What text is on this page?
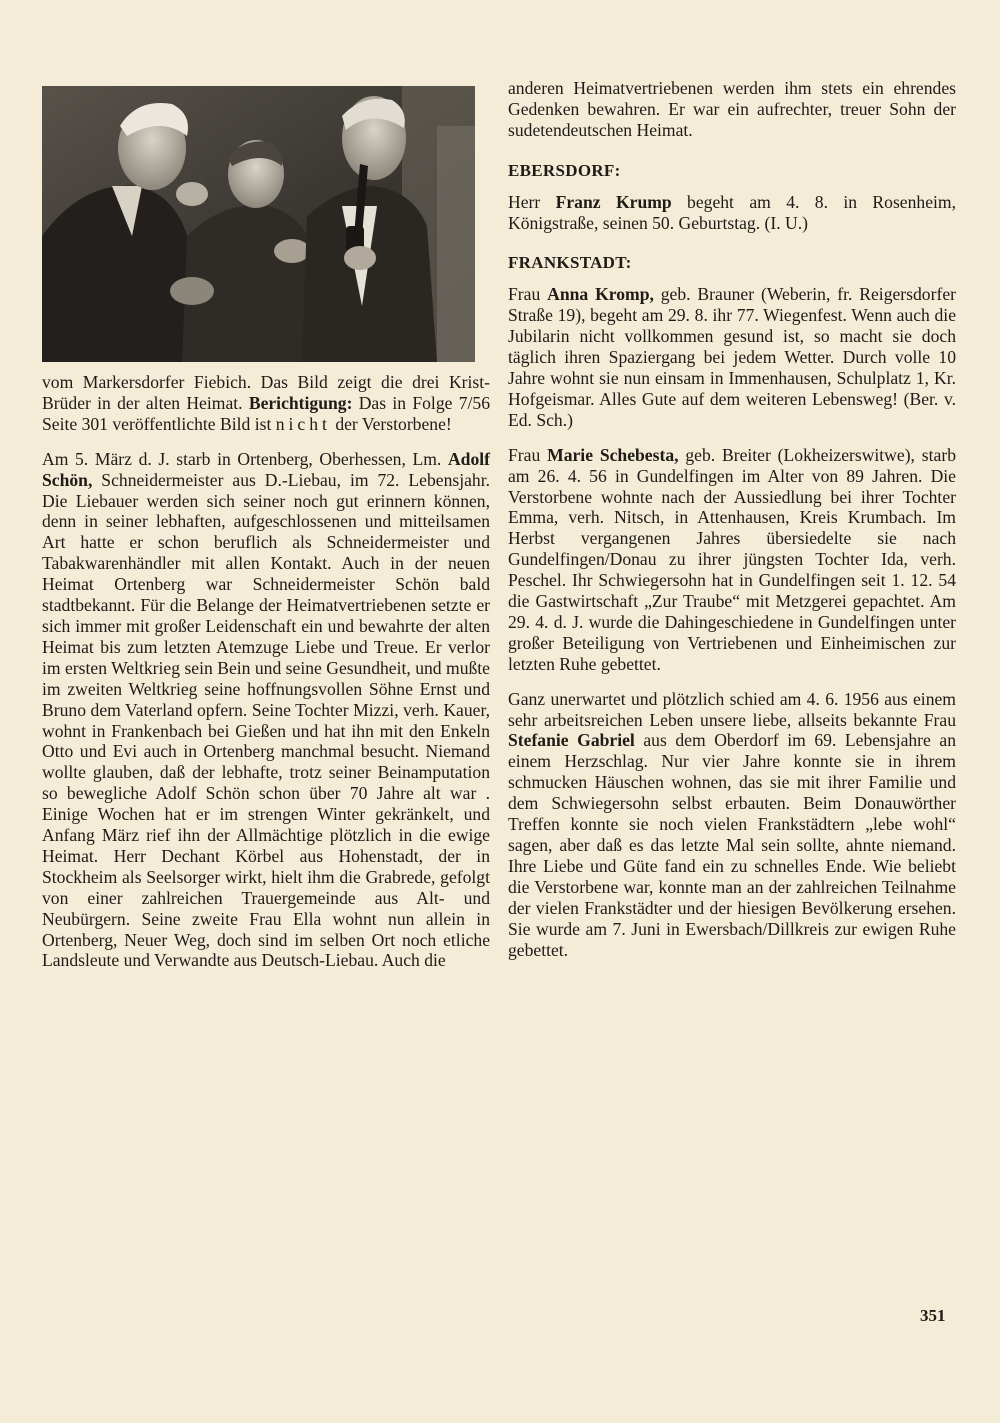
vom Markersdorfer Fiebich. Das Bild zeigt die drei Krist-Brüder in der alten Heimat. Berichtigung: Das in Folge 7/56 Seite 301 veröffentlichte Bild ist nicht der Verstorbene!

Am 5. März d. J. starb in Ortenberg, Oberhessen, Lm. Adolf Schön, Schneidermeister aus D.-Liebau, im 72. Lebensjahr. Die Liebauer werden sich seiner noch gut erinnern können, denn in seiner lebhaften, aufgeschlossenen und mitteilsamen Art hatte er schon beruflich als Schneidermeister und Tabakwarenhändler mit allen Kontakt. Auch in der neuen Heimat Ortenberg war Schneidermeister Schön bald stadtbekannt. Für die Belange der Heimatvertriebenen setzte er sich immer mit großer Leidenschaft ein und bewahrte der alten Heimat bis zum letzten Atemzuge Liebe und Treue. Er verlor im ersten Weltkrieg sein Bein und seine Gesundheit, und mußte im zweiten Weltkrieg seine hoffnungsvollen Söhne Ernst und Bruno dem Vaterland opfern. Seine Tochter Mizzi, verh. Kauer, wohnt in Frankenbach bei Gießen und hat ihn mit den Enkeln Otto und Evi auch in Ortenberg manchmal besucht. Niemand wollte glauben, daß der lebhafte, trotz seiner Beinamputation so bewegliche Adolf Schön schon über 70 Jahre alt war . Einige Wochen hat er im strengen Winter gekränkelt, und Anfang März rief ihn der Allmächtige plötzlich in die ewige Heimat. Herr Dechant Körbel aus Hohenstadt, der in Stockheim als Seelsorger wirkt, hielt ihm die Grabrede, gefolgt von einer zahlreichen Trauergemeinde aus Alt- und Neubürgern. Seine zweite Frau Ella wohnt nun allein in Ortenberg, Neuer Weg, doch sind im selben Ort noch etliche Landsleute und Verwandte aus Deutsch-Liebau. Auch die

anderen Heimatvertriebenen werden ihm stets ein ehrendes Gedenken bewahren. Er war ein aufrechter, treuer Sohn der sudetendeutschen Heimat.

EBERSDORF:

Herr Franz Krump begeht am 4. 8. in Rosenheim, Königstraße, seinen 50. Geburtstag. (I. U.)

FRANKSTADT:

Frau Anna Kromp, geb. Brauner (Weberin, fr. Reigersdorfer Straße 19), begeht am 29. 8. ihr 77. Wiegenfest. Wenn auch die Jubilarin nicht vollkommen gesund ist, so macht sie doch täglich ihren Spaziergang bei jedem Wetter. Durch volle 10 Jahre wohnt sie nun einsam in Immenhausen, Schulplatz 1, Kr. Hofgeismar. Alles Gute auf dem weiteren Lebensweg! (Ber. v. Ed. Sch.)

Frau Marie Schebesta, geb. Breiter (Lokheizerswitwe), starb am 26. 4. 56 in Gundelfingen im Alter von 89 Jahren. Die Verstorbene wohnte nach der Aussiedlung bei ihrer Tochter Emma, verh. Nitsch, in Attenhausen, Kreis Krumbach. Im Herbst vergangenen Jahres übersiedelte sie nach Gundelfingen/Donau zu ihrer jüngsten Tochter Ida, verh. Peschel. Ihr Schwiegersohn hat in Gundelfingen seit 1. 12. 54 die Gastwirtschaft „Zur Traube“ mit Metzgerei gepachtet. Am 29. 4. d. J. wurde die Dahingeschiedene in Gundelfingen unter großer Beteiligung von Vertriebenen und Einheimischen zur letzten Ruhe gebettet.

Ganz unerwartet und plötzlich schied am 4. 6. 1956 aus einem sehr arbeitsreichen Leben unsere liebe, allseits bekannte Frau Stefanie Gabriel aus dem Oberdorf im 69. Lebensjahre an einem Herzschlag. Nur vier Jahre konnte sie in ihrem schmucken Häuschen wohnen, das sie mit ihrer Familie und dem Schwiegersohn selbst erbauten. Beim Donauwörther Treffen konnte sie noch vielen Frankstädtern „lebe wohl“ sagen, aber daß es das letzte Mal sein sollte, ahnte niemand. Ihre Liebe und Güte fand ein zu schnelles Ende. Wie beliebt die Verstorbene war, konnte man an der zahlreichen Teilnahme der vielen Frankstädter und der hiesigen Bevölkerung ersehen. Sie wurde am 7. Juni in Ewersbach/Dillkreis zur ewigen Ruhe gebettet.

351
